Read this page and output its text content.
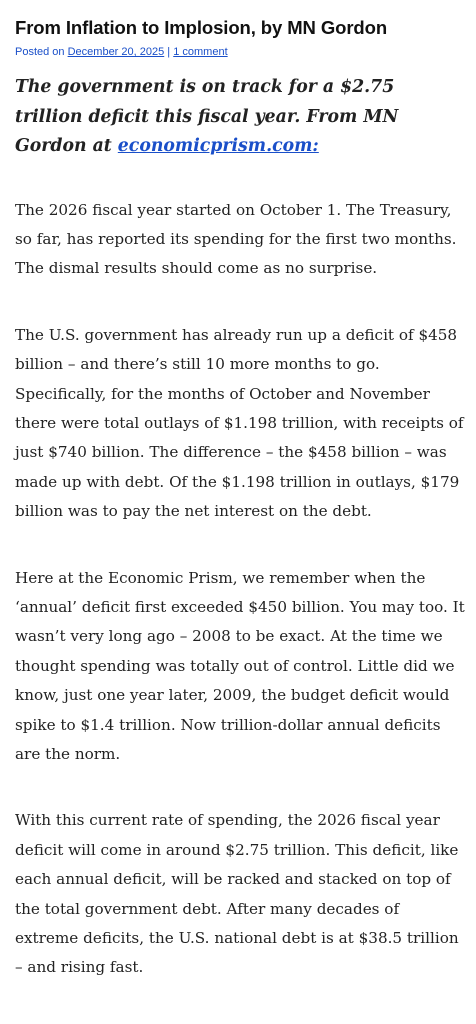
From Inflation to Implosion, by MN Gordon
Posted on December 20, 2025 | 1 comment

The government is on track for a $2.75 trillion deficit this fiscal year. From MN Gordon at economicprism.com:

The 2026 fiscal year started on October 1. The Treasury, so far, has reported its spending for the first two months. The dismal results should come as no surprise.

The U.S. government has already run up a deficit of $458 billion – and there’s still 10 more months to go. Specifically, for the months of October and November there were total outlays of $1.198 trillion, with receipts of just $740 billion. The difference – the $458 billion – was made up with debt. Of the $1.198 trillion in outlays, $179 billion was to pay the net interest on the debt.

Here at the Economic Prism, we remember when the ‘annual’ deficit first exceeded $450 billion. You may too. It wasn’t very long ago – 2008 to be exact. At the time we thought spending was totally out of control. Little did we know, just one year later, 2009, the budget deficit would spike to $1.4 trillion. Now trillion-dollar annual deficits are the norm.

With this current rate of spending, the 2026 fiscal year deficit will come in around $2.75 trillion. This deficit, like each annual deficit, will be racked and stacked on top of the total government debt. After many decades of extreme deficits, the U.S. national debt is at $38.5 trillion – and rising fast.
